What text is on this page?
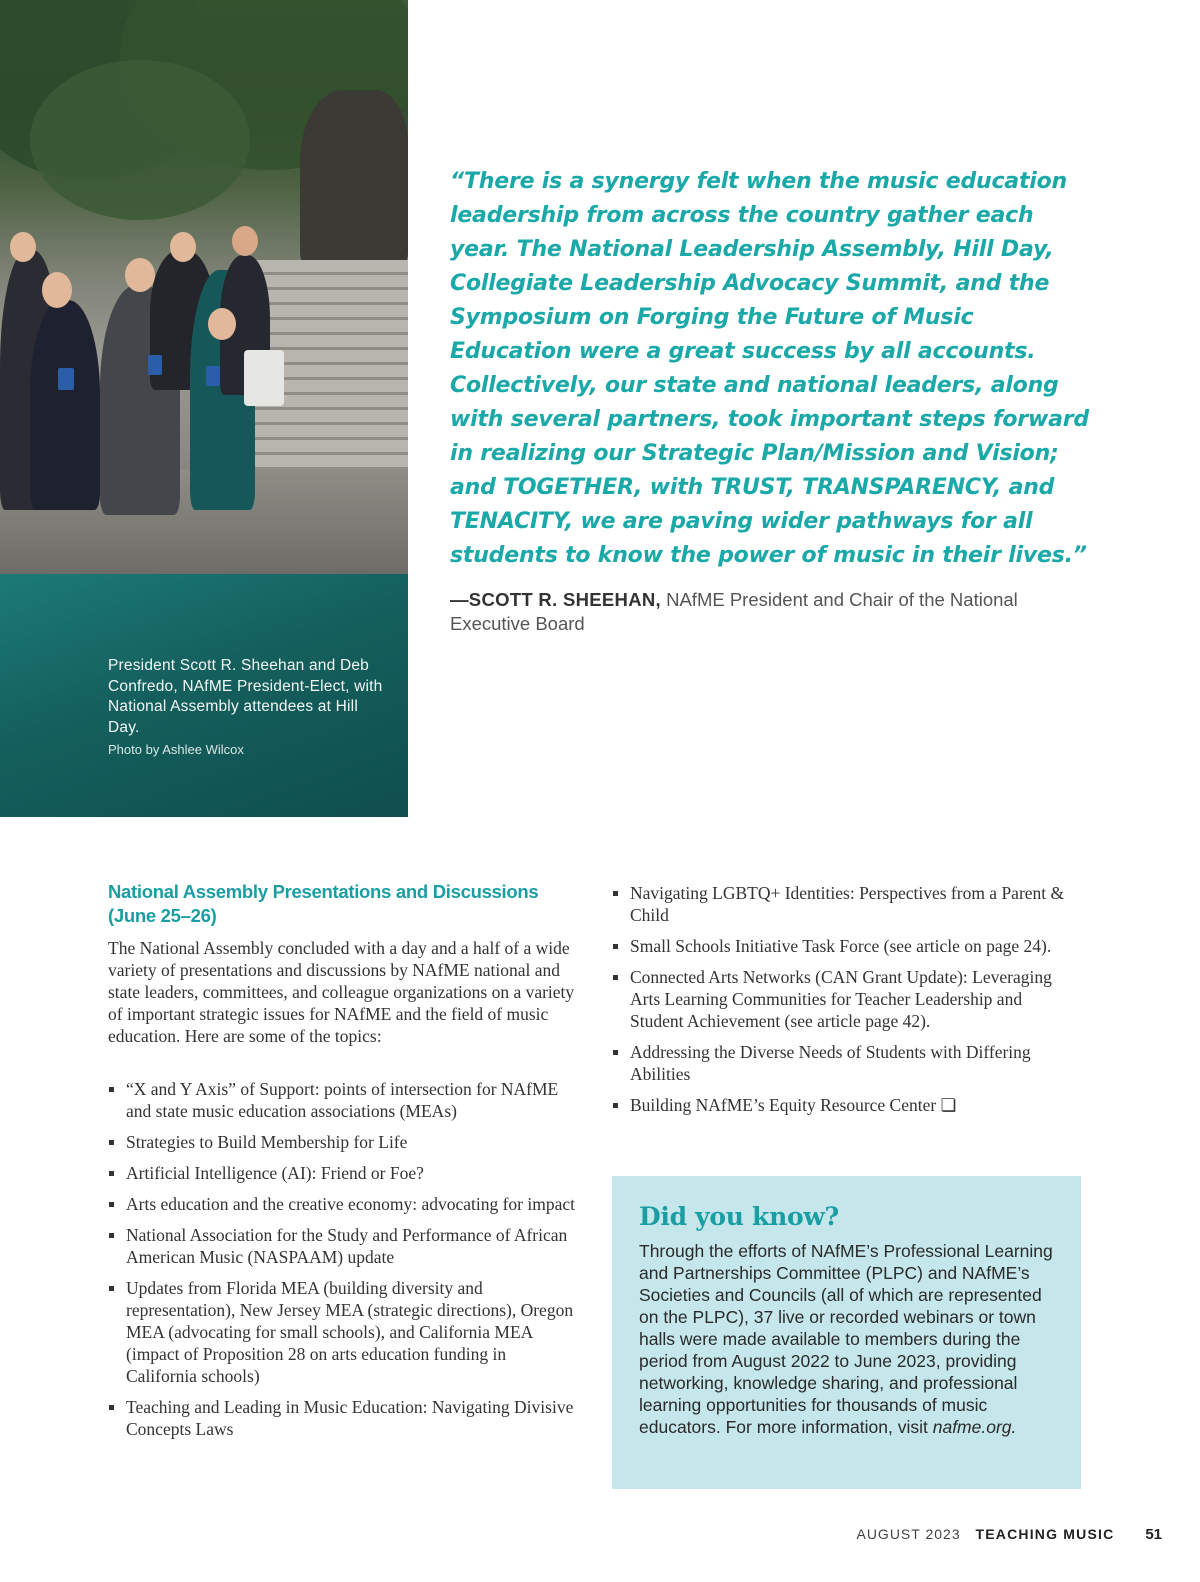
President Scott R. Sheehan and Deb Confredo, NAfME President-Elect, with National Assembly attendees at Hill Day.
Photo by Ashlee Wilcox
“There is a synergy felt when the music education leadership from across the country gather each year. The National Leadership Assembly, Hill Day, Collegiate Leadership Advocacy Summit, and the Symposium on Forging the Future of Music Education were a great success by all accounts. Collectively, our state and national leaders, along with several partners, took important steps forward in realizing our Strategic Plan/Mission and Vision; and TOGETHER, with TRUST, TRANSPARENCY, and TENACITY, we are paving wider pathways for all students to know the power of music in their lives.”
—SCOTT R. SHEEHAN, NAfME President and Chair of the National Executive Board
National Assembly Presentations and Discussions (June 25–26)
The National Assembly concluded with a day and a half of a wide variety of presentations and discussions by NAfME national and state leaders, committees, and colleague organizations on a variety of important strategic issues for NAfME and the field of music education. Here are some of the topics:
“X and Y Axis” of Support: points of intersection for NAfME and state music education associations (MEAs)
Strategies to Build Membership for Life
Artificial Intelligence (AI): Friend or Foe?
Arts education and the creative economy: advocating for impact
National Association for the Study and Performance of African American Music (NASPAAM) update
Updates from Florida MEA (building diversity and representation), New Jersey MEA (strategic directions), Oregon MEA (advocating for small schools), and California MEA (impact of Proposition 28 on arts education funding in California schools)
Teaching and Leading in Music Education: Navigating Divisive Concepts Laws
Navigating LGBTQ+ Identities: Perspectives from a Parent & Child
Small Schools Initiative Task Force (see article on page 24).
Connected Arts Networks (CAN Grant Update): Leveraging Arts Learning Communities for Teacher Leadership and Student Achievement (see article page 42).
Addressing the Diverse Needs of Students with Differing Abilities
Building NAfME’s Equity Resource Center ❏
Did you know?
Through the efforts of NAfME’s Professional Learning and Partnerships Committee (PLPC) and NAfME’s Societies and Councils (all of which are represented on the PLPC), 37 live or recorded webinars or town halls were made available to members during the period from August 2022 to June 2023, providing networking, knowledge sharing, and professional learning opportunities for thousands of music educators. For more information, visit nafme.org.
AUGUST 2023 TEACHING MUSIC 51
